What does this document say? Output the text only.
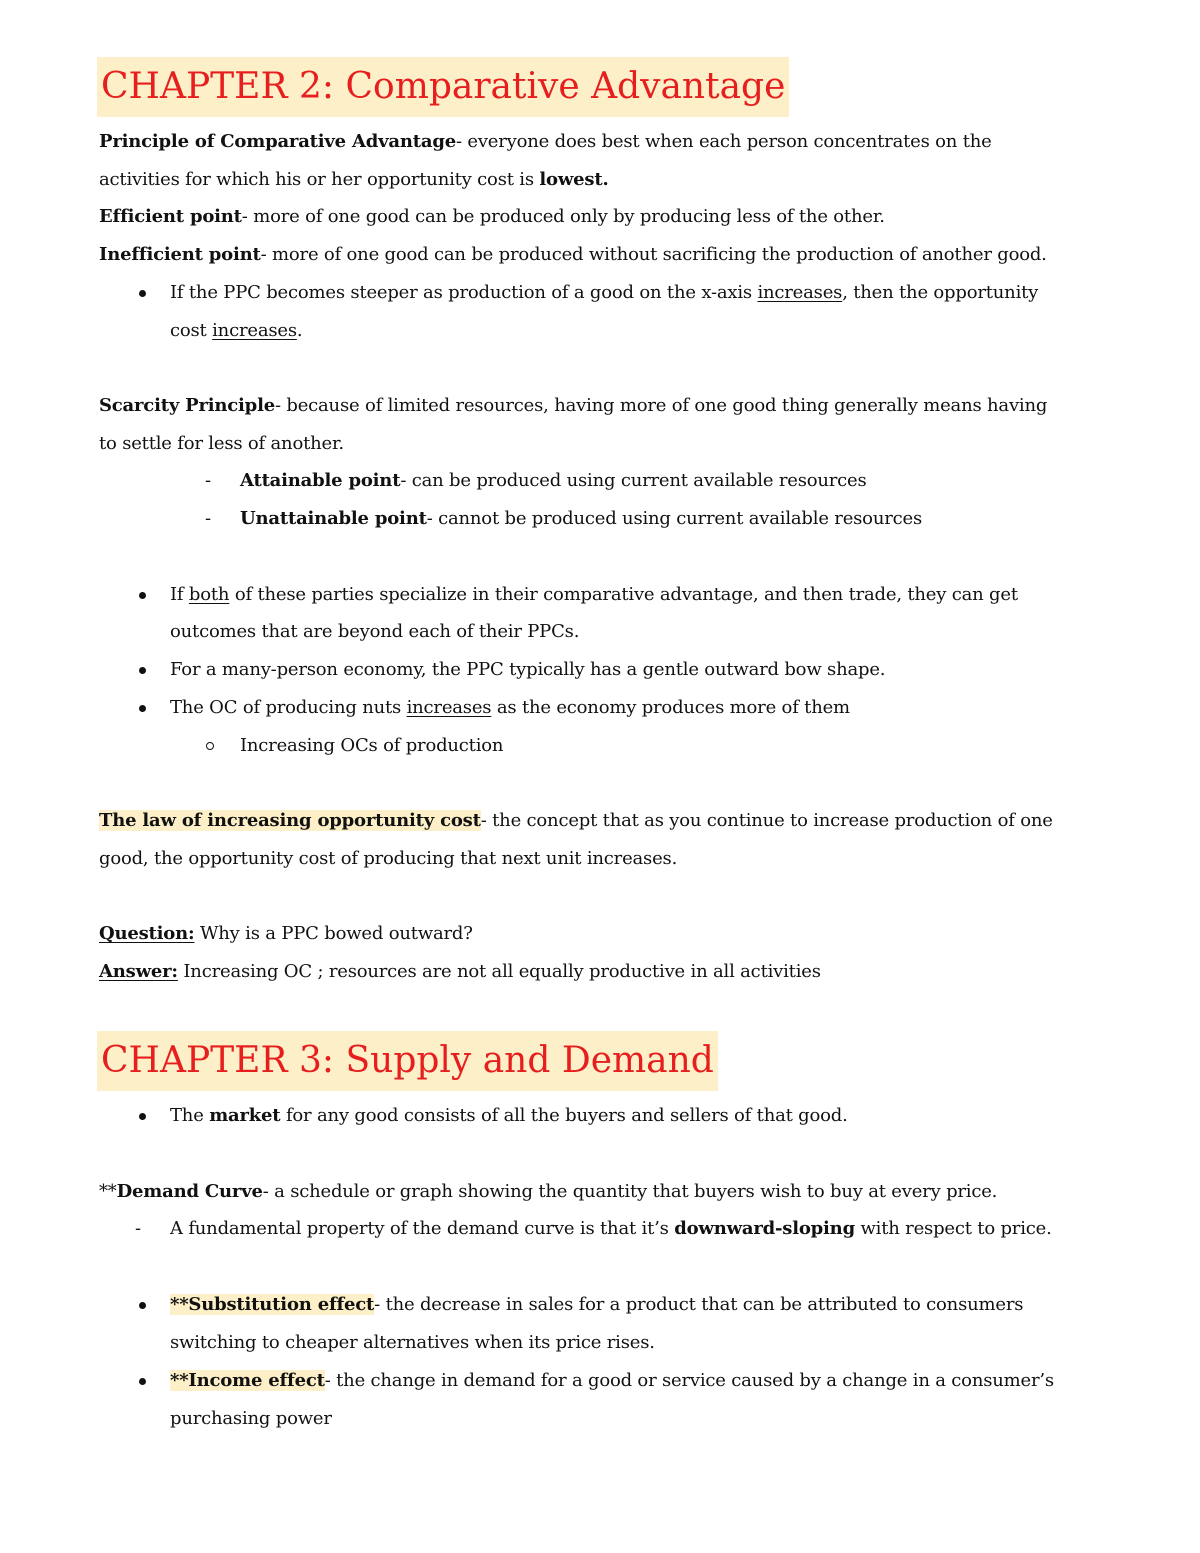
CHAPTER 2: Comparative Advantage
Principle of Comparative Advantage- everyone does best when each person concentrates on the
activities for which his or her opportunity cost is lowest.
Efficient point- more of one good can be produced only by producing less of the other.
Inefficient point- more of one good can be produced without sacrificing the production of another good.
If the PPC becomes steeper as production of a good on the x-axis increases, then the opportunity
cost increases.
Scarcity Principle- because of limited resources, having more of one good thing generally means having
to settle for less of another.
- Attainable point- can be produced using current available resources
- Unattainable point- cannot be produced using current available resources
If both of these parties specialize in their comparative advantage, and then trade, they can get
outcomes that are beyond each of their PPCs.
For a many-person economy, the PPC typically has a gentle outward bow shape.
The OC of producing nuts increases as the economy produces more of them
Increasing OCs of production
The law of increasing opportunity cost- the concept that as you continue to increase production of one
good, the opportunity cost of producing that next unit increases.
Question: Why is a PPC bowed outward?
Answer: Increasing OC ; resources are not all equally productive in all activities
CHAPTER 3: Supply and Demand
The market for any good consists of all the buyers and sellers of that good.
**Demand Curve- a schedule or graph showing the quantity that buyers wish to buy at every price.
- A fundamental property of the demand curve is that it’s downward-sloping with respect to price.
**Substitution effect- the decrease in sales for a product that can be attributed to consumers
switching to cheaper alternatives when its price rises.
**Income effect- the change in demand for a good or service caused by a change in a consumer’s
purchasing power
